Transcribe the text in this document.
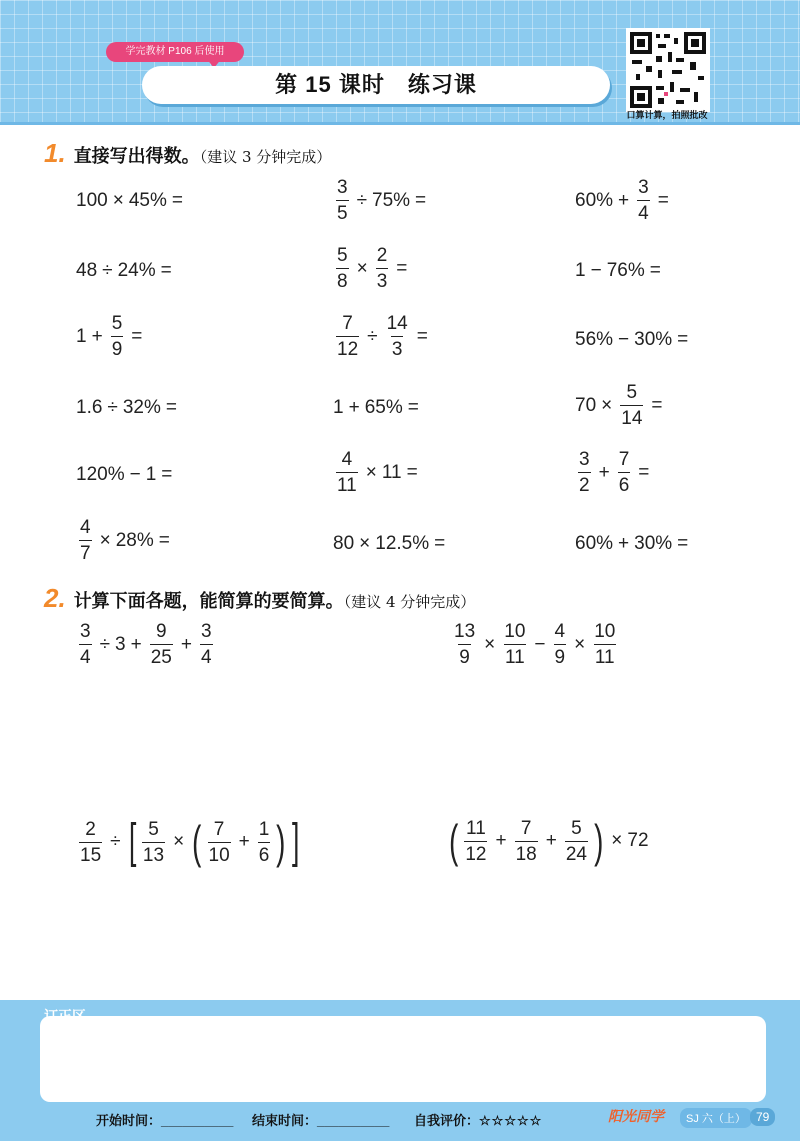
学完教材 P106 后使用
第 15 课时　练习课
口算计算，拍照批改
1. 直接写出得数。（建议 3 分钟完成）
100 × 45% =	$\frac{3}{5} \div 75\%$ =	$60\% + \frac{3}{4}$ =
48 ÷ 24% =	$\frac{5}{8} \times \frac{2}{3}$ =	1 − 76% =
$1 + \frac{5}{9}$ =	$\frac{7}{12} \div \frac{14}{3}$ =	56% − 30% =
1.6 ÷ 32% =	1 + 65% =	$70 \times \frac{5}{14}$ =
120% − 1 =	$\frac{4}{11} \times 11$ =	$\frac{3}{2} + \frac{7}{6}$ =
$\frac{4}{7} \times 28\%$ =	80 × 12.5% =	60% + 30% =
2. 计算下面各题，能简算的要简算。（建议 4 分钟完成）
$\frac{3}{4} \div 3 + \frac{9}{25} + \frac{3}{4}$	$\frac{13}{9} \times \frac{10}{11} - \frac{4}{9} \times \frac{10}{11}$
$\frac{2}{15}$ ÷ [ $\frac{5}{13}$ × ( $\frac{7}{10} + \frac{1}{6}$ ) ]	( $\frac{11}{12} + \frac{7}{18} + \frac{5}{24}$ ) × 72
订正区
开始时间：__________ 结束时间：__________ 自我评价：☆☆☆☆☆	阳光同学	SJ 六（上） 79
